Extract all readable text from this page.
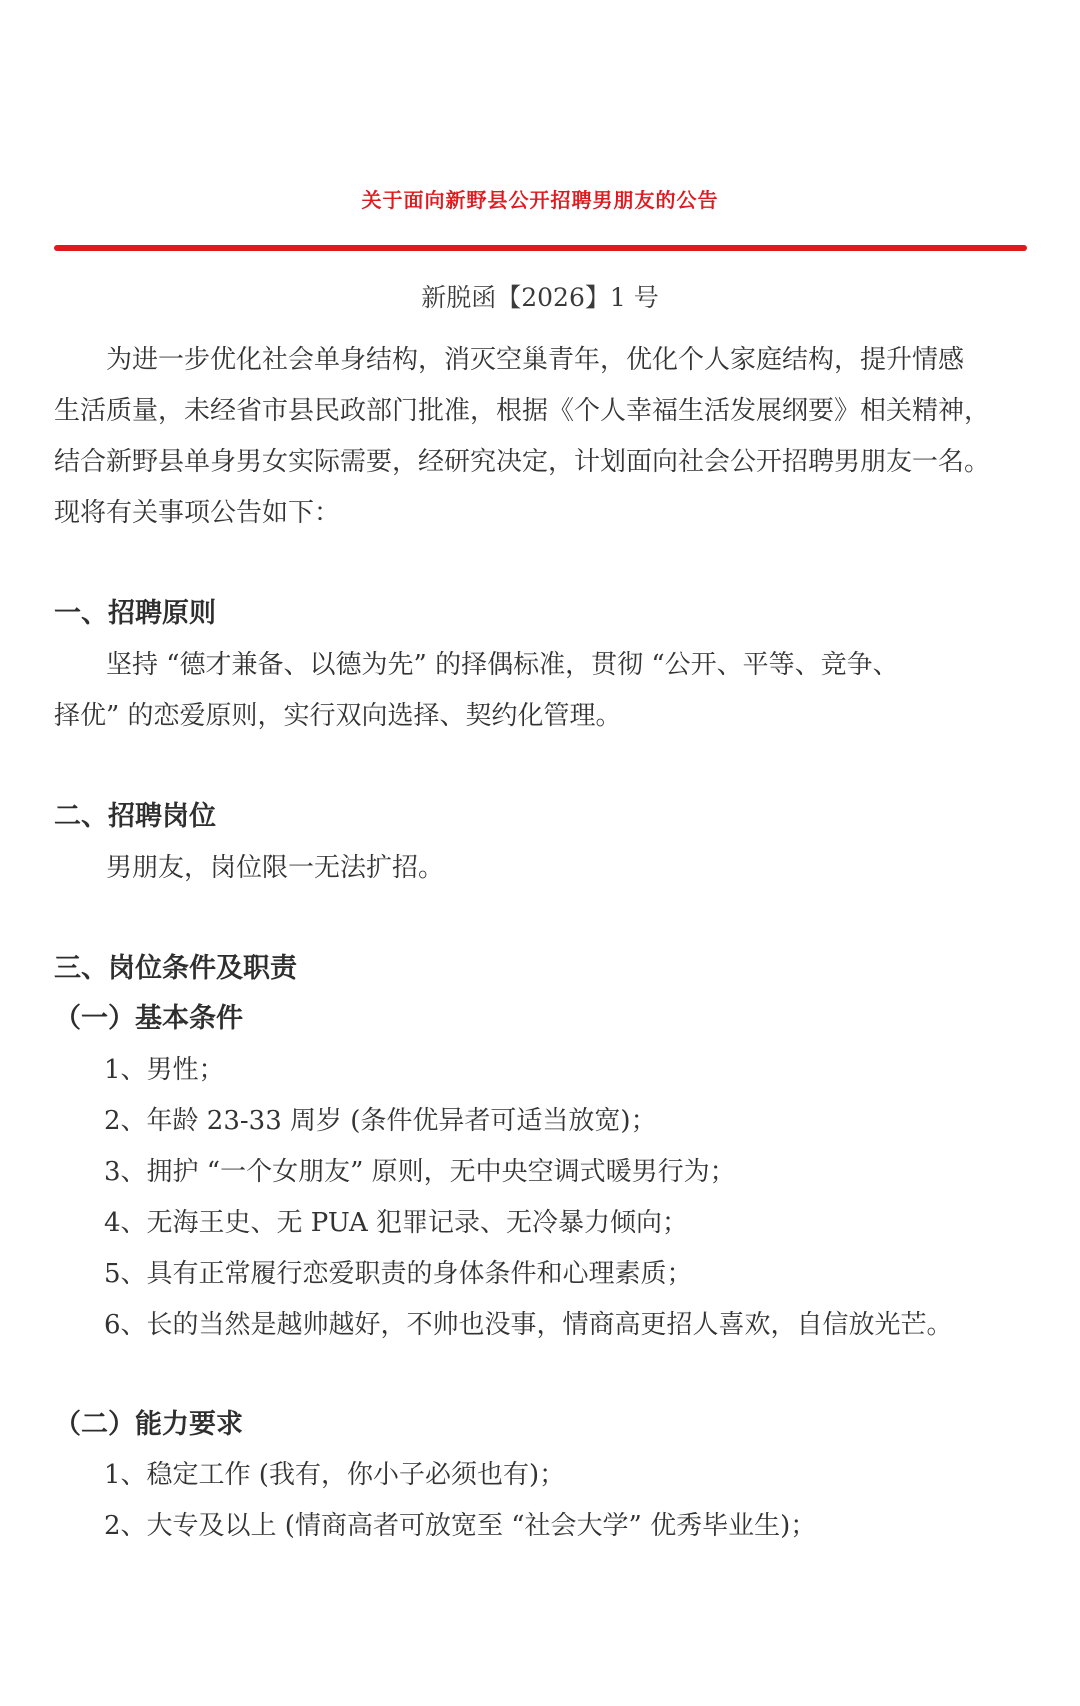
关于面向新野县公开招聘男朋友的公告
新脱函【2026】1 号
为进一步优化社会单身结构，消灭空巢青年，优化个人家庭结构，提升情感
生活质量，未经省市县民政部门批准，根据《个人幸福生活发展纲要》相关精神，
结合新野县单身男女实际需要，经研究决定，计划面向社会公开招聘男朋友一名。
现将有关事项公告如下：
一、招聘原则
坚持 “德才兼备、以德为先” 的择偶标准，贯彻 “公开、平等、竞争、
择优” 的恋爱原则，实行双向选择、契约化管理。
二、招聘岗位
男朋友，岗位限一无法扩招。
三、岗位条件及职责
（一）基本条件
1、男性；
2、年龄 23-33 周岁 (条件优异者可适当放宽)；
3、拥护 “一个女朋友” 原则，无中央空调式暖男行为；
4、无海王史、无 PUA 犯罪记录、无冷暴力倾向；
5、具有正常履行恋爱职责的身体条件和心理素质；
6、长的当然是越帅越好，不帅也没事，情商高更招人喜欢，自信放光芒。
（二）能力要求
1、稳定工作 (我有，你小子必须也有)；
2、大专及以上 (情商高者可放宽至 “社会大学” 优秀毕业生)；
